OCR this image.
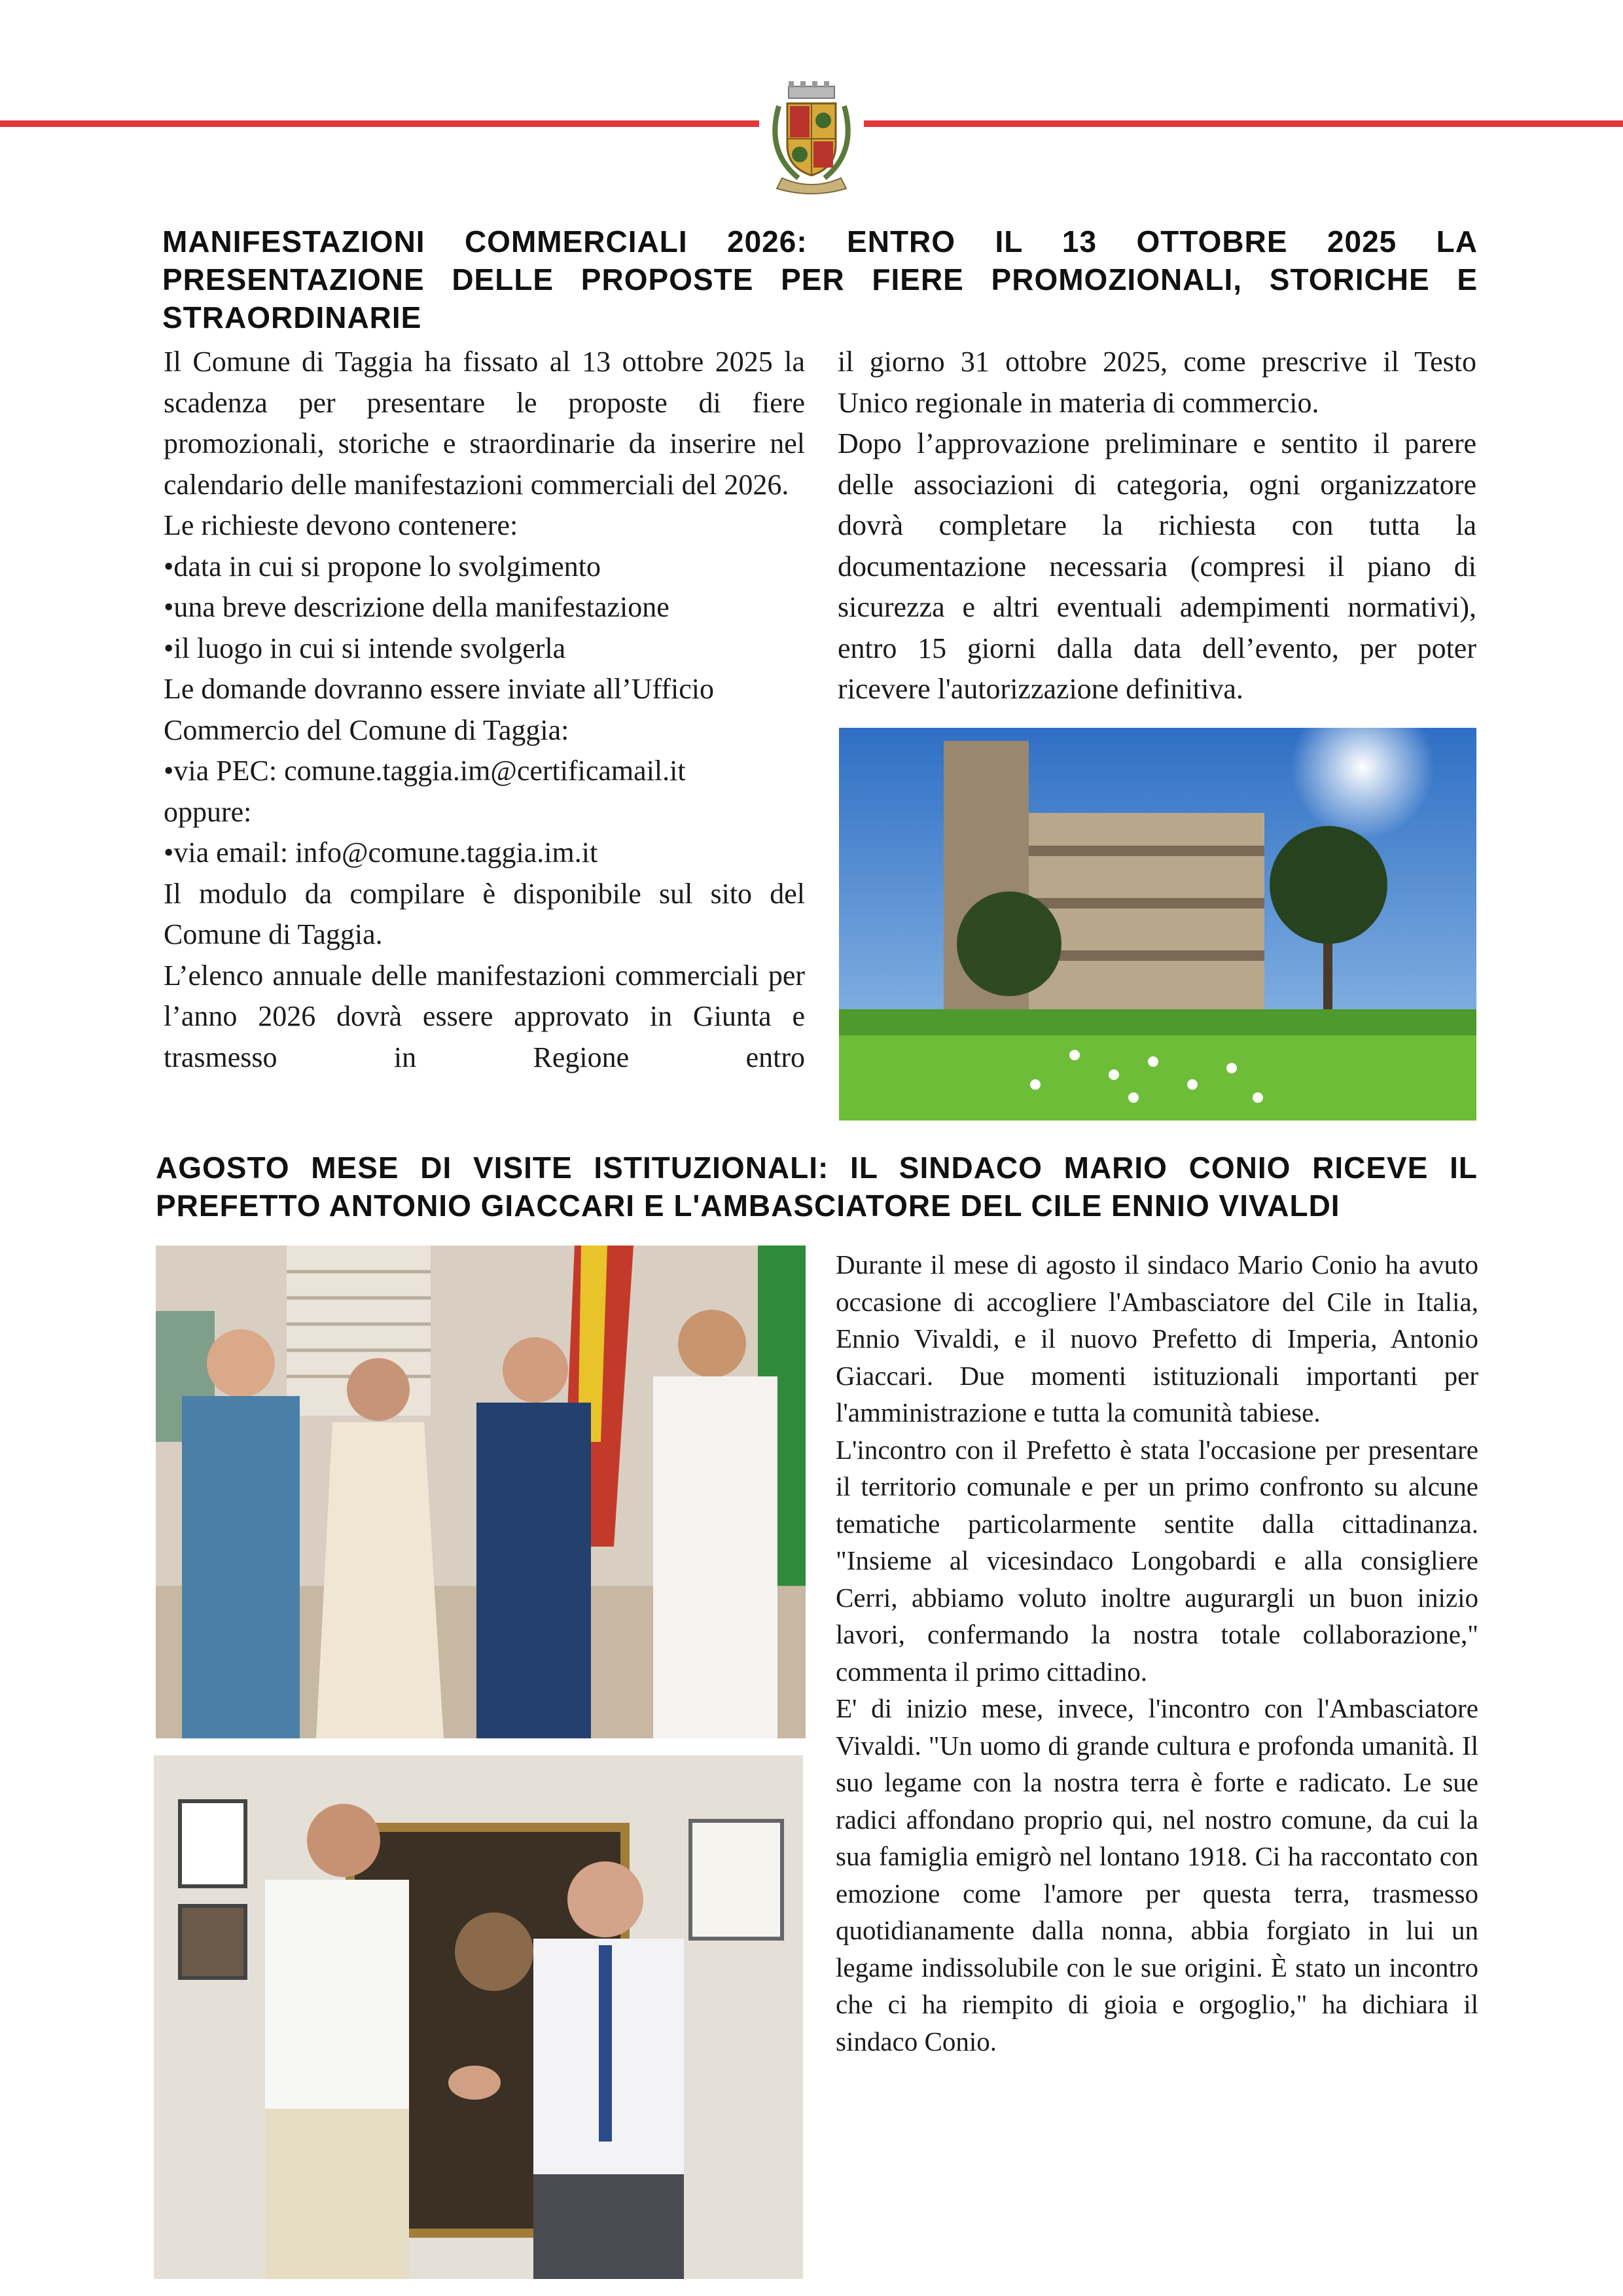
MANIFESTAZIONI COMMERCIALI 2026: ENTRO IL 13 OTTOBRE 2025 LA PRESENTAZIONE DELLE PROPOSTE PER FIERE PROMOZIONALI, STORICHE E STRAORDINARIE

Il Comune di Taggia ha fissato al 13 ottobre 2025 la scadenza per presentare le proposte di fiere promozionali, storiche e straordinarie da inserire nel calendario delle manifestazioni commerciali del 2026.

Le richieste devono contenere:

•data in cui si propone lo svolgimento

•una breve descrizione della manifestazione

•il luogo in cui si intende svolgerla

Le domande dovranno essere inviate all’Ufficio Commercio del Comune di Taggia:

•via PEC: comune.taggia.im@certificamail.it

oppure:

•via email: info@comune.taggia.im.it

Il modulo da compilare è disponibile sul sito del Comune di Taggia.

L’elenco annuale delle manifestazioni commerciali per l’anno 2026 dovrà essere approvato in Giunta e trasmesso in Regione entro

il giorno 31 ottobre 2025, come prescrive il Testo Unico regionale in materia di commercio.

Dopo l’approvazione preliminare e sentito il parere delle associazioni di categoria, ogni organizzatore dovrà completare la richiesta con tutta la documentazione necessaria (compresi il piano di sicurezza e altri eventuali adempimenti normativi), entro 15 giorni dalla data dell’evento, per poter ricevere l'autorizzazione definitiva.

AGOSTO MESE DI VISITE ISTITUZIONALI: IL SINDACO MARIO CONIO RICEVE IL PREFETTO ANTONIO GIACCARI E L'AMBASCIATORE DEL CILE ENNIO VIVALDI

Durante il mese di agosto il sindaco Mario Conio ha avuto occasione di accogliere l'Ambasciatore del Cile in Italia, Ennio Vivaldi, e il nuovo Prefetto di Imperia, Antonio Giaccari. Due momenti istituzionali importanti per l'amministrazione e tutta la comunità tabiese.

L'incontro con il Prefetto è stata l'occasione per presentare il territorio comunale e per un primo confronto su alcune tematiche particolarmente sentite dalla cittadinanza. "Insieme al vicesindaco Longobardi e alla consigliere Cerri, abbiamo voluto inoltre augurargli un buon inizio lavori, confermando la nostra totale collaborazione," commenta il primo cittadino.

E' di inizio mese, invece, l'incontro con l'Ambasciatore Vivaldi. "Un uomo di grande cultura e profonda umanità. Il suo legame con la nostra terra è forte e radicato. Le sue radici affondano proprio qui, nel nostro comune, da cui la sua famiglia emigrò nel lontano 1918. Ci ha raccontato con emozione come l'amore per questa terra, trasmesso quotidianamente dalla nonna, abbia forgiato in lui un legame indissolubile con le sue origini. È stato un incontro che ci ha riempito di gioia e orgoglio," ha dichiara il sindaco Conio.
